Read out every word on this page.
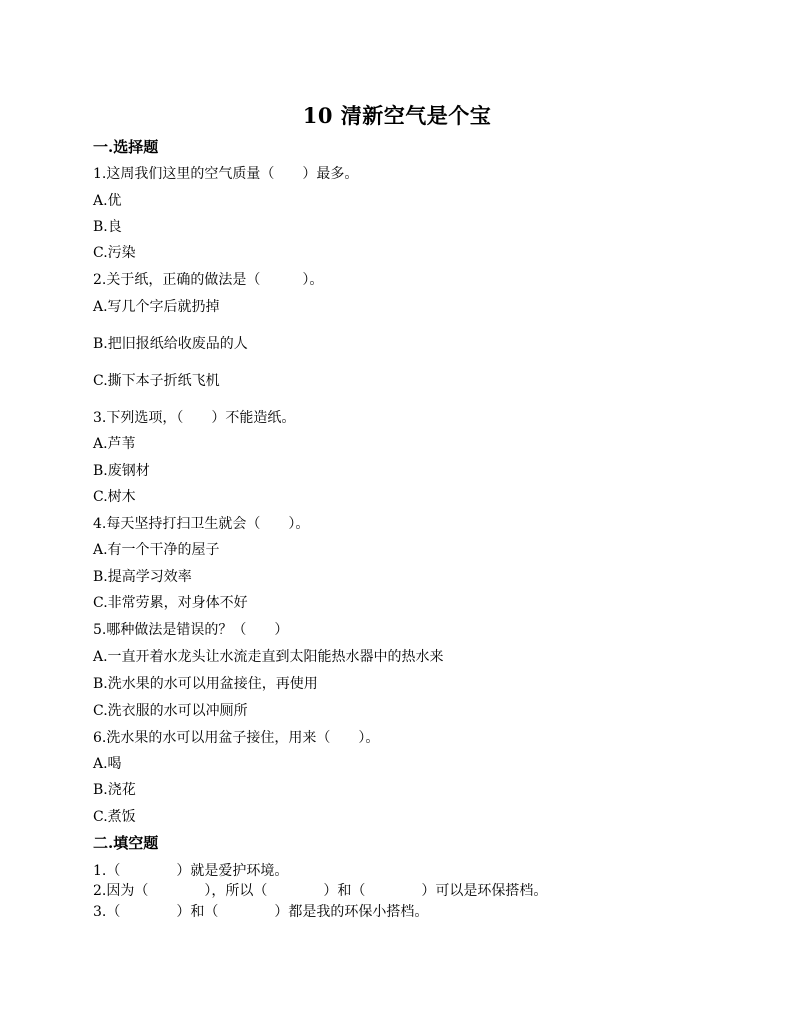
10 清新空气是个宝
一.选择题
1.这周我们这里的空气质量（　　）最多。
A.优
B.良
C.污染
2.关于纸，正确的做法是（　　　）。
A.写几个字后就扔掉
B.把旧报纸给收废品的人
C.撕下本子折纸飞机
3.下列选项，（　　）不能造纸。
A.芦苇
B.废钢材
C.树木
4.每天坚持打扫卫生就会（　　）。
A.有一个干净的屋子
B.提高学习效率
C.非常劳累，对身体不好
5.哪种做法是错误的？（　　）
A.一直开着水龙头让水流走直到太阳能热水器中的热水来
B.洗水果的水可以用盆接住，再使用
C.洗衣服的水可以冲厕所
6.洗水果的水可以用盆子接住，用来（　　）。
A.喝
B.浇花
C.煮饭
二.填空题
1.（　　　　）就是爱护环境。
2.因为（　　　　），所以（　　　　）和（　　　　）可以是环保搭档。
3.（　　　　）和（　　　　）都是我的环保小搭档。
